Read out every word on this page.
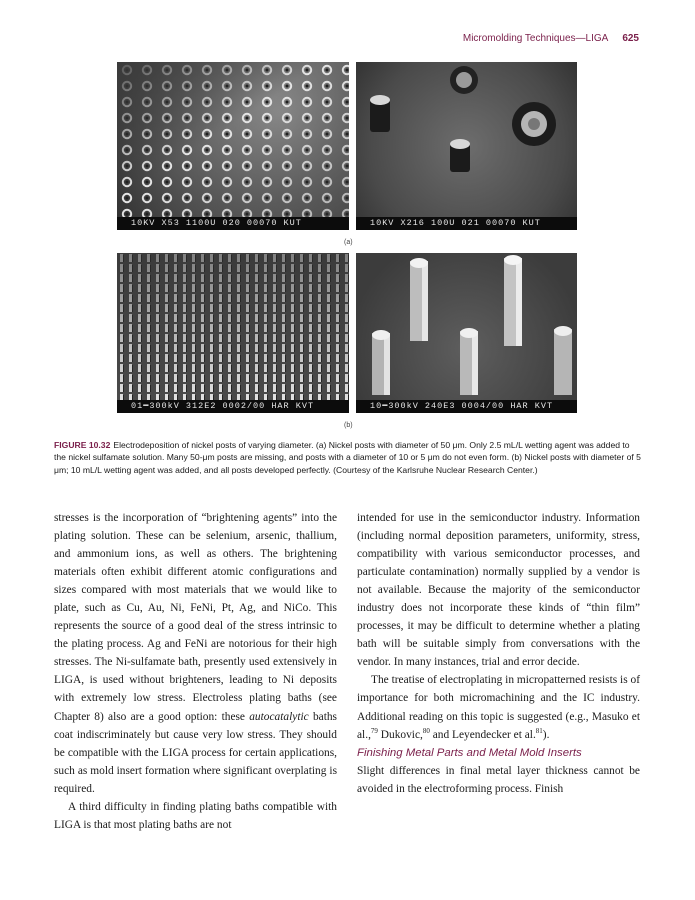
Micromolding Techniques—LIGA 625
10KV X53 1100U 020 00070 KUT	10KV X216 100U 021 00070 KUT
(a)
01━300kV 312E2 0002/00 HAR KVT	10━300kV 240E3 0004/00 HAR KVT
(b)
FIGURE 10.32 Electrodeposition of nickel posts of varying diameter. (a) Nickel posts with diameter of 50 μm. Only 2.5 mL/L wetting agent was added to the nickel sulfamate solution. Many 50-μm posts are missing, and posts with a diameter of 10 or 5 μm do not even form. (b) Nickel posts with diameter of 5 μm; 10 mL/L wetting agent was added, and all posts developed perfectly. (Courtesy of the Karlsruhe Nuclear Research Center.)

stresses is the incorporation of “brightening agents” into the plating solution. These can be selenium, arsenic, thallium, and ammonium ions, as well as others. The brightening materials often exhibit different atomic configurations and sizes compared with most materials that we would like to plate, such as Cu, Au, Ni, FeNi, Pt, Ag, and NiCo. This represents the source of a good deal of the stress intrinsic to the plating process. Ag and FeNi are notorious for their high stresses. The Ni-sulfamate bath, presently used extensively in LIGA, is used without brighteners, leading to Ni deposits with extremely low stress. Electroless plating baths (see Chapter 8) also are a good option: these autocatalytic baths coat indiscriminately but cause very low stress. They should be compatible with the LIGA process for certain applications, such as mold insert formation where significant overplating is required.

A third difficulty in finding plating baths compatible with LIGA is that most plating baths are not

intended for use in the semiconductor industry. Information (including normal deposition parameters, uniformity, stress, compatibility with various semiconductor processes, and particulate contamination) normally supplied by a vendor is not available. Because the majority of the semiconductor industry does not incorporate these kinds of “thin film” processes, it may be difficult to determine whether a plating bath will be suitable simply from conversations with the vendor. In many instances, trial and error decide.

The treatise of electroplating in micropatterned resists is of importance for both micromachining and the IC industry. Additional reading on this topic is suggested (e.g., Masuko et al.,$^{79}$ Dukovic,$^{80}$ and Leyendecker et al.$^{81}$).

Finishing Metal Parts and Metal Mold Inserts

Slight differences in final metal layer thickness cannot be avoided in the electroforming process. Finish
